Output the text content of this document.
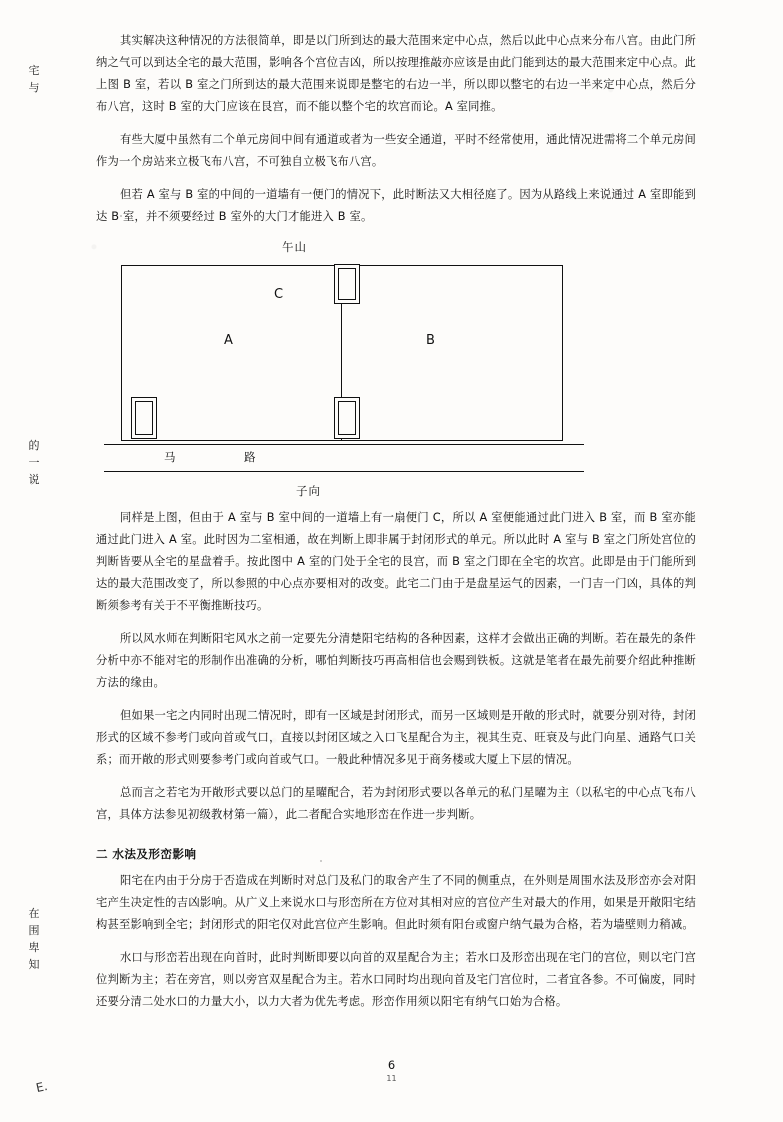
宅
与
的
一
说
在
围
卑
知
E.

其实解决这种情况的方法很简单，即是以门所到达的最大范围来定中心点，然后以此中心点来分布八宫。由此门所纳之气可以到达全宅的最大范围，影响各个宫位吉凶，所以按理推敲亦应该是由此门能到达的最大范围来定中心点。此上图 B 室，若以 B 室之门所到达的最大范围来说即是整宅的右边一半，所以即以整宅的右边一半来定中心点，然后分布八宫，这时 B 室的大门应该在艮宫，而不能以整个宅的坎宫而论。A 室同推。

有些大厦中虽然有二个单元房间中间有通道或者为一些安全通道，平时不经常使用，通此情况进需将二个单元房间作为一个房站来立极飞布八宫，不可独自立极飞布八宫。

但若 A 室与 B 室的中间的一道墙有一便门的情况下，此时断法又大相径庭了。因为从路线上来说通过 A 室即能到达 B 室，并不须要经过 B 室外的大门才能进入 B 室。

午山
A	B
C
马	路
子向

同样是上图，但由于 A 室与 B 室中间的一道墙上有一扇便门 C，所以 A 室便能通过此门进入 B 室，而 B 室亦能通过此门进入 A 室。此时因为二室相通，故在判断上即非属于封闭形式的单元。所以此时 A 室与 B 室之门所处宫位的判断皆要从全宅的星盘着手。按此图中 A 室的门处于全宅的艮宫，而 B 室之门即在全宅的坎宫。此即是由于门能所到达的最大范围改变了，所以参照的中心点亦要相对的改变。此宅二门由于是盘星运气的因素，一门吉一门凶，具体的判断须参考有关于不平衡推断技巧。

所以风水师在判断阳宅风水之前一定要先分清楚阳宅结构的各种因素，这样才会做出正确的判断。若在最先的条件分析中亦不能对宅的形制作出准确的分析，哪怕判断技巧再高相信也会赐到铁板。这就是笔者在最先前要介绍此种推断方法的缘由。

但如果一宅之内同时出现二情况时，即有一区域是封闭形式，而另一区域则是开敞的形式时，就要分别对待，封闭形式的区域不参考门或向首或气口，直接以封闭区域之入口飞星配合为主，视其生克、旺衰及与此门向星、通路气口关系；而开敞的形式则要参考门或向首或气口。一般此种情况多见于商务楼或大厦上下层的情况。

总而言之若宅为开敞形式要以总门的星曜配合，若为封闭形式要以各单元的私门星曜为主（以私宅的中心点飞布八宫，具体方法参见初级教材第一篇），此二者配合实地形峦在作进一步判断。

二 水法及形峦影响

阳宅在内由于分房于否造成在判断时对总门及私门的取舍产生了不同的侧重点，在外则是周围水法及形峦亦会对阳宅产生决定性的吉凶影响。从广义上来说水口与形峦所在方位对其相对应的宫位产生对最大的作用，如果是开敞阳宅结构甚至影响到全宅；封闭形式的阳宅仅对此宫位产生影响。但此时须有阳台或窗户纳气最为合格，若为墙壁则力稍减。

水口与形峦若出现在向首时，此时判断即要以向首的双星配合为主；若水口及形峦出现在宅门的宫位，则以宅门宫位判断为主；若在旁宫，则以旁宫双星配合为主。若水口同时均出现向首及宅门宫位时，二者宜各参。不可偏废，同时还要分清二处水口的力量大小，以力大者为优先考虑。形峦作用须以阳宅有纳气口始为合格。

6
11
